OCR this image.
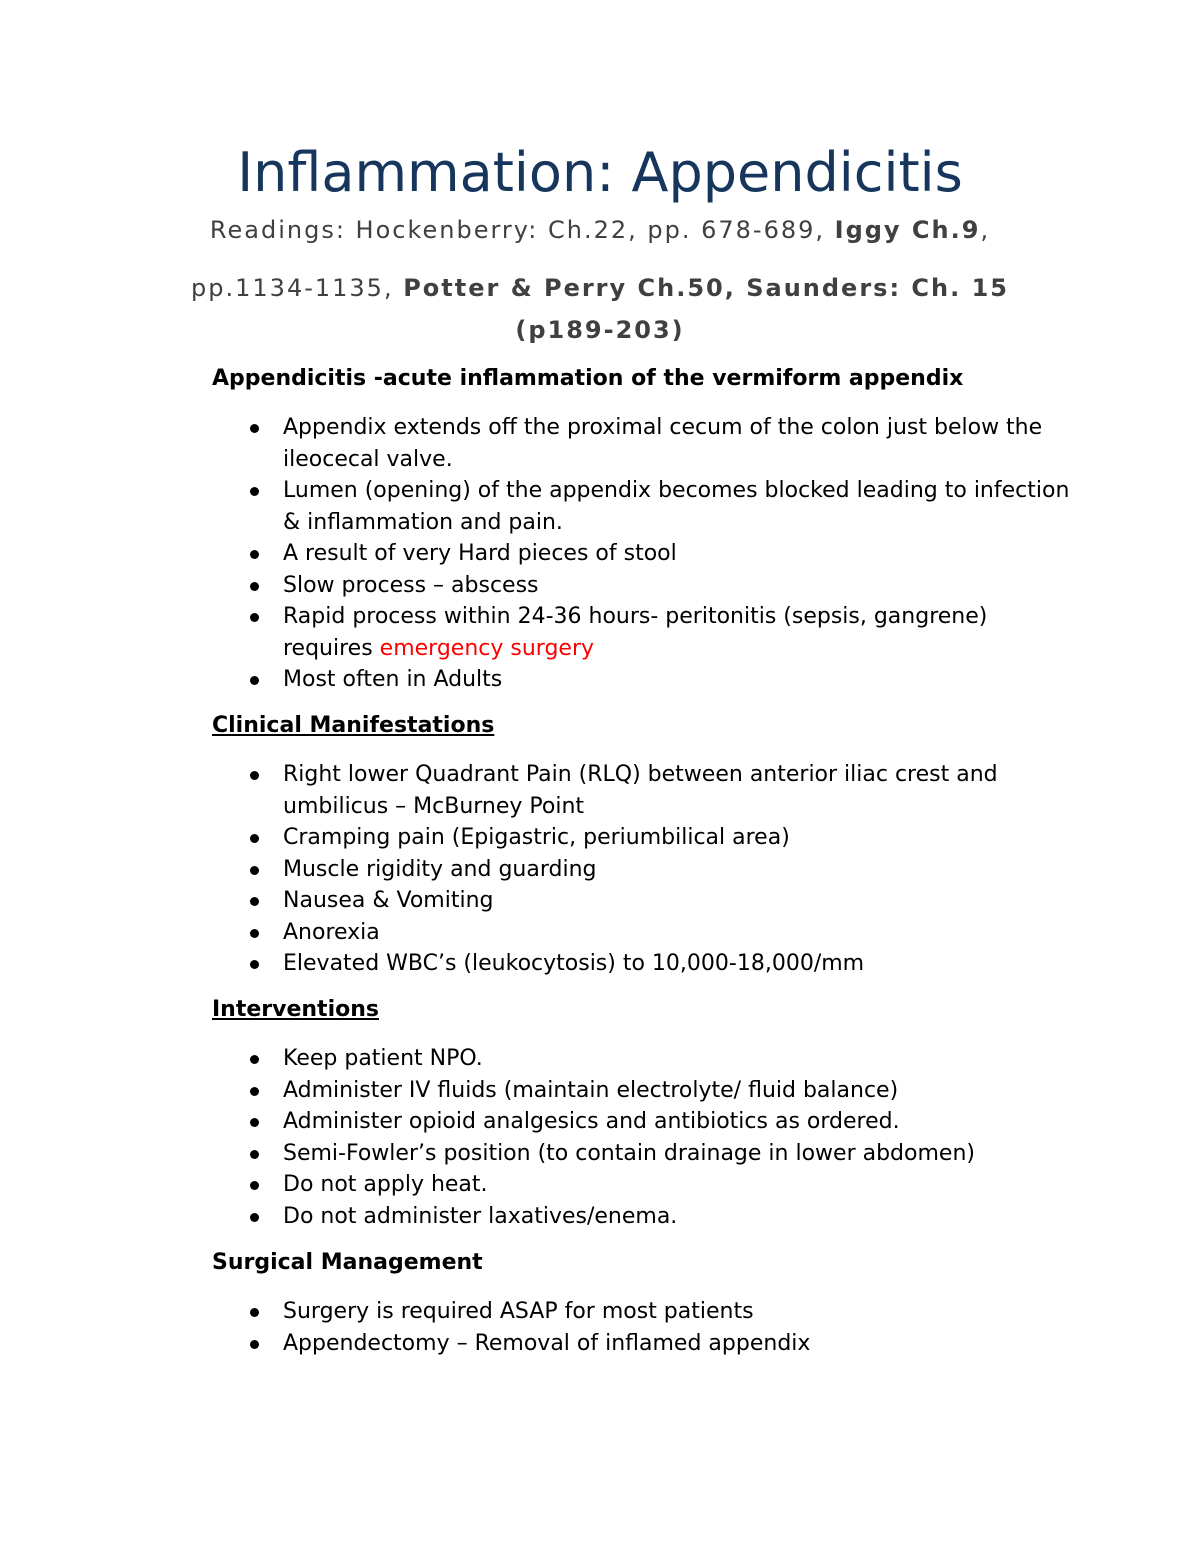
Inflammation: Appendicitis

Readings: Hockenberry: Ch.22, pp. 678-689, Iggy Ch.9,
pp.1134-1135, Potter & Perry Ch.50, Saunders: Ch. 15
(p189-203)

Appendicitis -acute inflammation of the vermiform appendix

Appendix extends off the proximal cecum of the colon just below the ileocecal valve.
Lumen (opening) of the appendix becomes blocked leading to infection & inflammation and pain.
A result of very Hard pieces of stool
Slow process – abscess
Rapid process within 24-36 hours- peritonitis (sepsis, gangrene) requires emergency surgery
Most often in Adults

Clinical Manifestations

Right lower Quadrant Pain (RLQ) between anterior iliac crest and umbilicus – McBurney Point
Cramping pain (Epigastric, periumbilical area)
Muscle rigidity and guarding
Nausea & Vomiting
Anorexia
Elevated WBC’s (leukocytosis) to 10,000-18,000/mm

Interventions

Keep patient NPO.
Administer IV fluids (maintain electrolyte/ fluid balance)
Administer opioid analgesics and antibiotics as ordered.
Semi-Fowler’s position (to contain drainage in lower abdomen)
Do not apply heat.
Do not administer laxatives/enema.

Surgical Management

Surgery is required ASAP for most patients
Appendectomy – Removal of inflamed appendix
